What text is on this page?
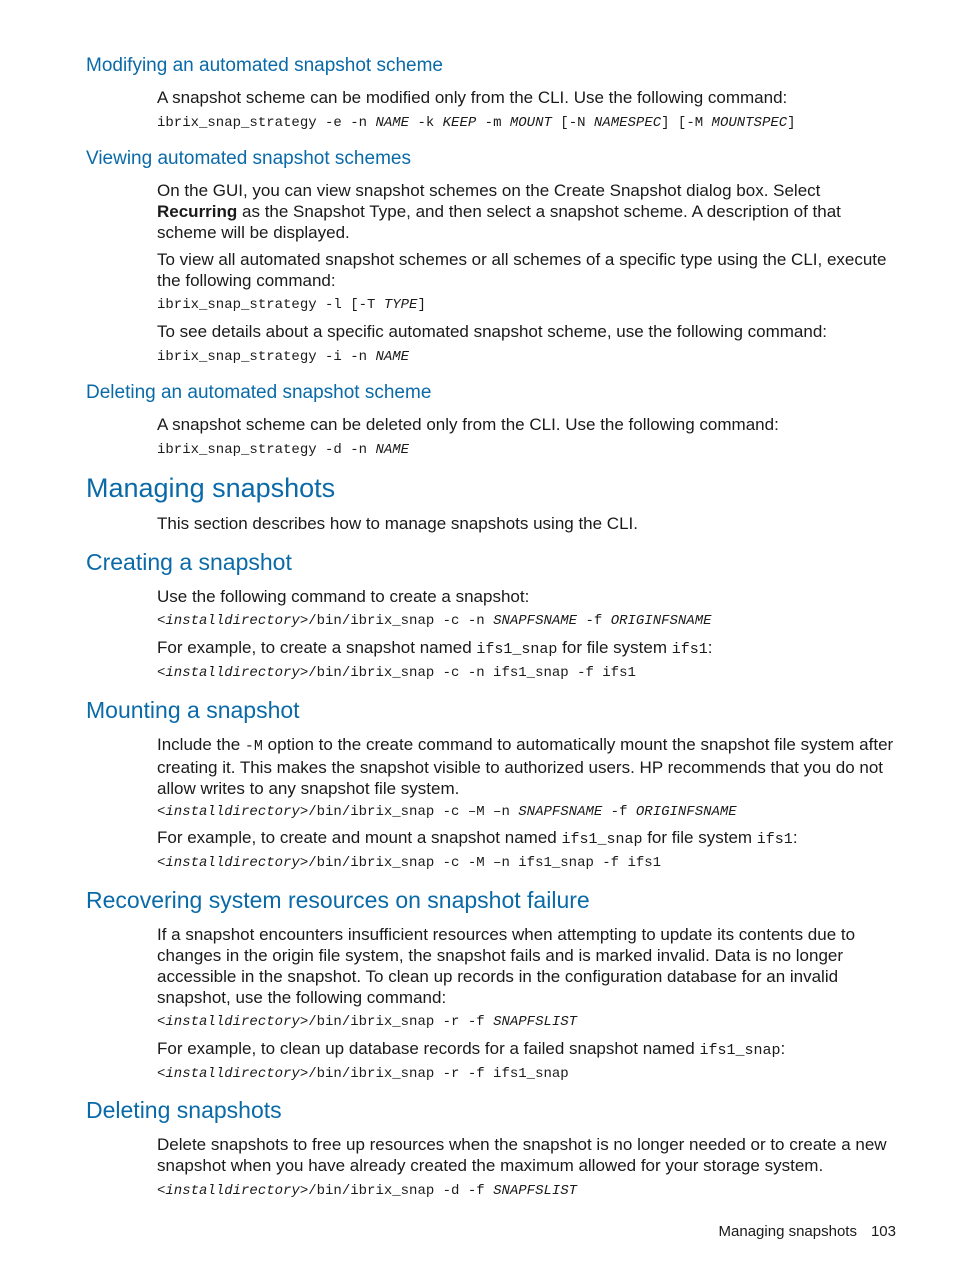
Modifying an automated snapshot scheme
A snapshot scheme can be modified only from the CLI. Use the following command:
ibrix_snap_strategy -e -n NAME -k KEEP -m MOUNT [-N NAMESPEC] [-M MOUNTSPEC]
Viewing automated snapshot schemes
On the GUI, you can view snapshot schemes on the Create Snapshot dialog box. Select Recurring as the Snapshot Type, and then select a snapshot scheme. A description of that scheme will be displayed.
To view all automated snapshot schemes or all schemes of a specific type using the CLI, execute the following command:
ibrix_snap_strategy -l [-T TYPE]
To see details about a specific automated snapshot scheme, use the following command:
ibrix_snap_strategy -i -n NAME
Deleting an automated snapshot scheme
A snapshot scheme can be deleted only from the CLI. Use the following command:
ibrix_snap_strategy -d -n NAME
Managing snapshots
This section describes how to manage snapshots using the CLI.
Creating a snapshot
Use the following command to create a snapshot:
<installdirectory>/bin/ibrix_snap -c -n SNAPFSNAME -f ORIGINFSNAME
For example, to create a snapshot named ifs1_snap for file system ifs1:
<installdirectory>/bin/ibrix_snap -c -n ifs1_snap -f ifs1
Mounting a snapshot
Include the -M option to the create command to automatically mount the snapshot file system after creating it. This makes the snapshot visible to authorized users. HP recommends that you do not allow writes to any snapshot file system.
<installdirectory>/bin/ibrix_snap -c –M –n SNAPFSNAME -f ORIGINFSNAME
For example, to create and mount a snapshot named ifs1_snap for file system ifs1:
<installdirectory>/bin/ibrix_snap -c -M –n ifs1_snap -f ifs1
Recovering system resources on snapshot failure
If a snapshot encounters insufficient resources when attempting to update its contents due to changes in the origin file system, the snapshot fails and is marked invalid. Data is no longer accessible in the snapshot. To clean up records in the configuration database for an invalid snapshot, use the following command:
<installdirectory>/bin/ibrix_snap -r -f SNAPFSLIST
For example, to clean up database records for a failed snapshot named ifs1_snap:
<installdirectory>/bin/ibrix_snap -r -f ifs1_snap
Deleting snapshots
Delete snapshots to free up resources when the snapshot is no longer needed or to create a new snapshot when you have already created the maximum allowed for your storage system.
<installdirectory>/bin/ibrix_snap -d -f SNAPFSLIST
Managing snapshots 103
